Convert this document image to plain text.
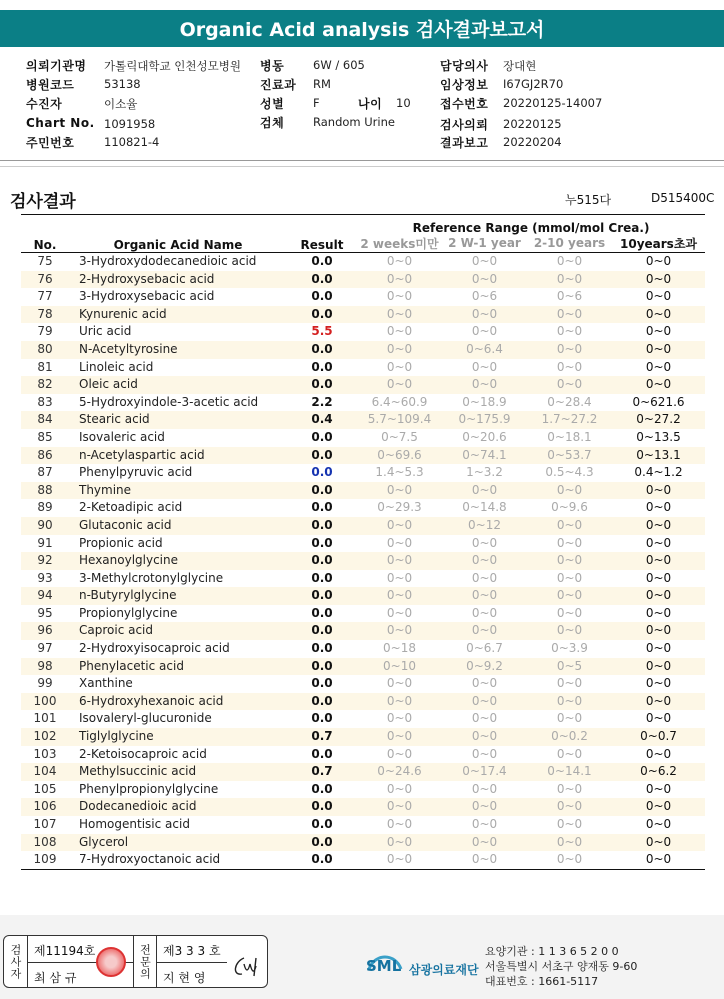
Organic Acid analysis 검사결과보고서
의뢰기관명 가톨릭대학교 인천성모병원
병원코드	53138
수진자	이소율
Chart No. 1091958
주민번호	110821-4
병동	6W / 605
진료과 RM
성별	F	나이 10
검체	Random Urine
담당의사 장대현
임상정보 I67GJ2R70
접수번호 20220125-14007
검사의뢰 20220125
결과보고 20220204
검사결과	누515다	D515400C
No.	Organic Acid Name	Result	Reference Range (mmol/mol Crea.)			
			2 weeks미만	2 W-1 year	2-10 years	10years초과
75	3-Hydroxydodecanedioic acid	0.0	0~0	0~0	0~0	0~0
76	2-Hydroxysebacic acid	0.0	0~0	0~0	0~0	0~0
77	3-Hydroxysebacic acid	0.0	0~0	0~6	0~6	0~0
78	Kynurenic acid	0.0	0~0	0~0	0~0	0~0
79	Uric acid	5.5	0~0	0~0	0~0	0~0
80	N-Acetyltyrosine	0.0	0~0	0~6.4	0~0	0~0
81	Linoleic acid	0.0	0~0	0~0	0~0	0~0
82	Oleic acid	0.0	0~0	0~0	0~0	0~0
83	5-Hydroxyindole-3-acetic acid	2.2	6.4~60.9	0~18.9	0~28.4	0~621.6
84	Stearic acid	0.4	5.7~109.4	0~175.9	1.7~27.2	0~27.2
85	Isovaleric acid	0.0	0~7.5	0~20.6	0~18.1	0~13.5
86	n-Acetylaspartic acid	0.0	0~69.6	0~74.1	0~53.7	0~13.1
87	Phenylpyruvic acid	0.0	1.4~5.3	1~3.2	0.5~4.3	0.4~1.2
88	Thymine	0.0	0~0	0~0	0~0	0~0
89	2-Ketoadipic acid	0.0	0~29.3	0~14.8	0~9.6	0~0
90	Glutaconic acid	0.0	0~0	0~12	0~0	0~0
91	Propionic acid	0.0	0~0	0~0	0~0	0~0
92	Hexanoylglycine	0.0	0~0	0~0	0~0	0~0
93	3-Methylcrotonylglycine	0.0	0~0	0~0	0~0	0~0
94	n-Butyrylglycine	0.0	0~0	0~0	0~0	0~0
95	Propionylglycine	0.0	0~0	0~0	0~0	0~0
96	Caproic acid	0.0	0~0	0~0	0~0	0~0
97	2-Hydroxyisocaproic acid	0.0	0~18	0~6.7	0~3.9	0~0
98	Phenylacetic acid	0.0	0~10	0~9.2	0~5	0~0
99	Xanthine	0.0	0~0	0~0	0~0	0~0
100	6-Hydroxyhexanoic acid	0.0	0~0	0~0	0~0	0~0
101	Isovaleryl-glucuronide	0.0	0~0	0~0	0~0	0~0
102	Tiglylglycine	0.7	0~0	0~0	0~0.2	0~0.7
103	2-Ketoisocaproic acid	0.0	0~0	0~0	0~0	0~0
104	Methylsuccinic acid	0.7	0~24.6	0~17.4	0~14.1	0~6.2
105	Phenylpropionylglycine	0.0	0~0	0~0	0~0	0~0
106	Dodecanedioic acid	0.0	0~0	0~0	0~0	0~0
107	Homogentisic acid	0.0	0~0	0~0	0~0	0~0
108	Glycerol	0.0	0~0	0~0	0~0	0~0
109	7-Hydroxyoctanoic acid	0.0	0~0	0~0	0~0	0~0
검사자 제11194호
최 삼 규	전문의 제3 3 3 호
지 현 영
SML 삼광의료재단
요양기관 : 1 1 3 6 5 2 0 0
서울특별시 서초구 양재동 9-60
대표번호 : 1661-5117
